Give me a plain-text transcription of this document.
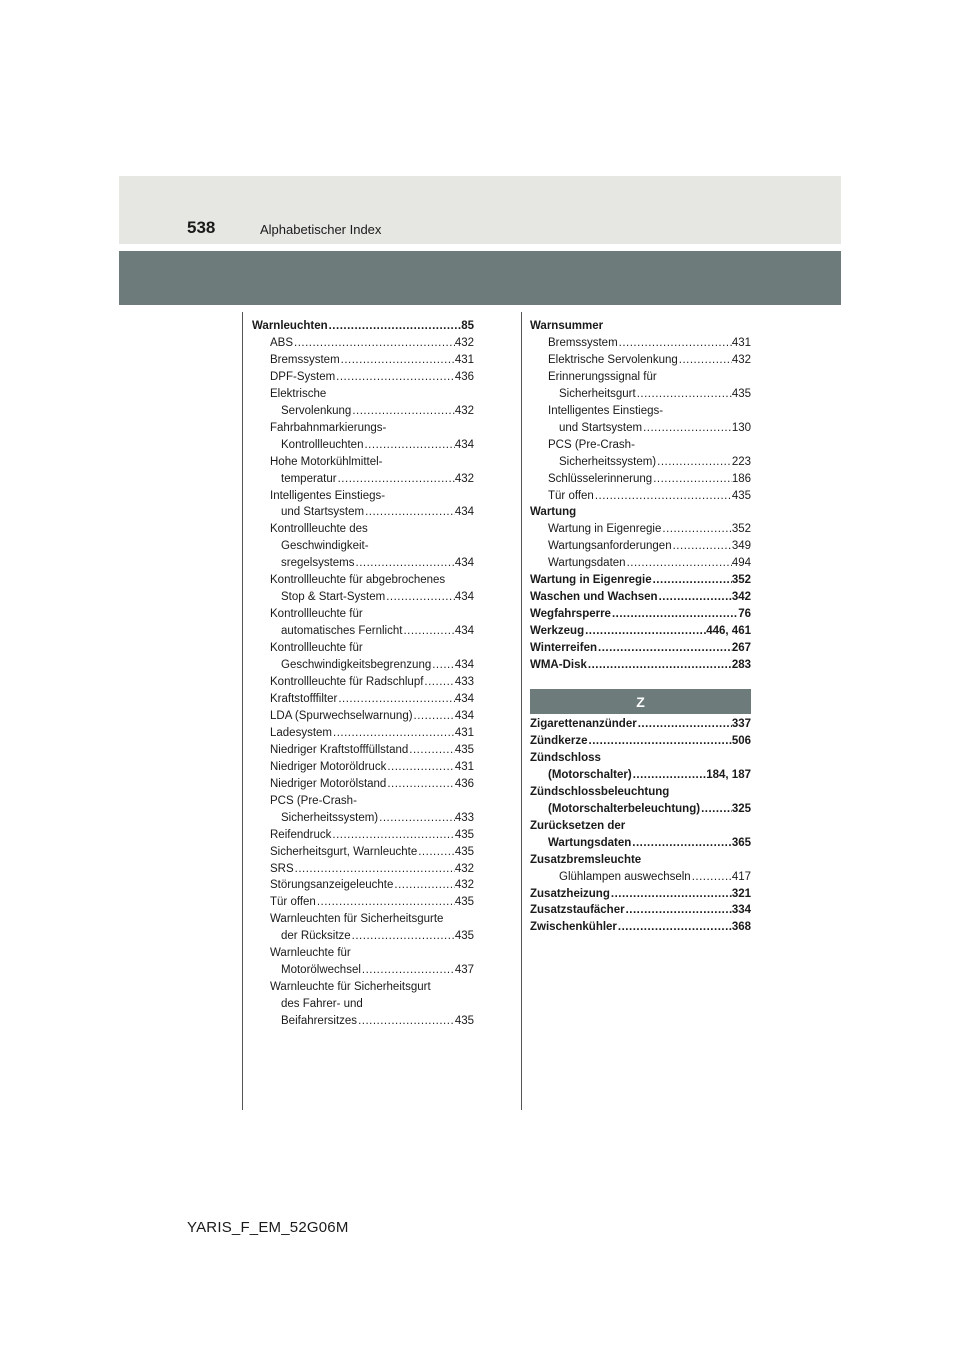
538	Alphabetischer Index
Warnleuchten .....	85
ABS .....	432
Bremssystem .....	431
DPF-System .....	436
Elektrische
Servolenkung .....	432
Fahrbahnmarkierungs-
Kontrollleuchten .....	434
Hohe Motorkühlmittel-
temperatur .....	432
Intelligentes Einstiegs-
und Startsystem .....	434
Kontrollleuchte des
Geschwindigkeit-
sregelsystems .....	434
Kontrollleuchte für abgebrochenes
Stop & Start-System .....	434
Kontrollleuchte für
automatisches Fernlicht .....	434
Kontrollleuchte für
Geschwindigkeitsbegrenzung ..... 434
Kontrollleuchte für Radschlupf .....	433
Kraftstofffilter .....	434
LDA (Spurwechselwarnung) .....	434
Ladesystem .....	431
Niedriger Kraftstofffüllstand .....	435
Niedriger Motoröldruck .....	431
Niedriger Motorölstand .....	436
PCS (Pre-Crash-
Sicherheitssystem) .....	433
Reifendruck .....	435
Sicherheitsgurt, Warnleuchte .....	435
SRS .....	432
Störungsanzeigeleuchte .....	432
Tür offen .....	435
Warnleuchten für Sicherheitsgurte
der Rücksitze .....	435
Warnleuchte für
Motorölwechsel .....	437
Warnleuchte für Sicherheitsgurt
des Fahrer- und
Beifahrersitzes .....	435
Warnsummer
Bremssystem .....	431
Elektrische Servolenkung .....	432
Erinnerungssignal für
Sicherheitsgurt .....	435
Intelligentes Einstiegs-
und Startsystem .....	130
PCS (Pre-Crash-
Sicherheitssystem) .....	223
Schlüsselerinnerung .....	186
Tür offen .....	435
Wartung
Wartung in Eigenregie .....	352
Wartungsanforderungen .....	349
Wartungsdaten .....	494
Wartung in Eigenregie .....	352
Waschen und Wachsen .....	342
Wegfahrsperre .....	76
Werkzeug .....	446, 461
Winterreifen .....	267
WMA-Disk .....	283
Z
Zigarettenanzünder .....	337
Zündkerze .....	506
Zündschloss
(Motorschalter) .....	184, 187
Zündschlossbeleuchtung
(Motorschalterbeleuchtung) .....	325
Zurücksetzen der
Wartungsdaten .....	365
Zusatzbremsleuchte
Glühlampen auswechseln .....	417
Zusatzheizung .....	321
Zusatzstaufächer .....	334
Zwischenkühler .....	368
YARIS_F_EM_52G06M
